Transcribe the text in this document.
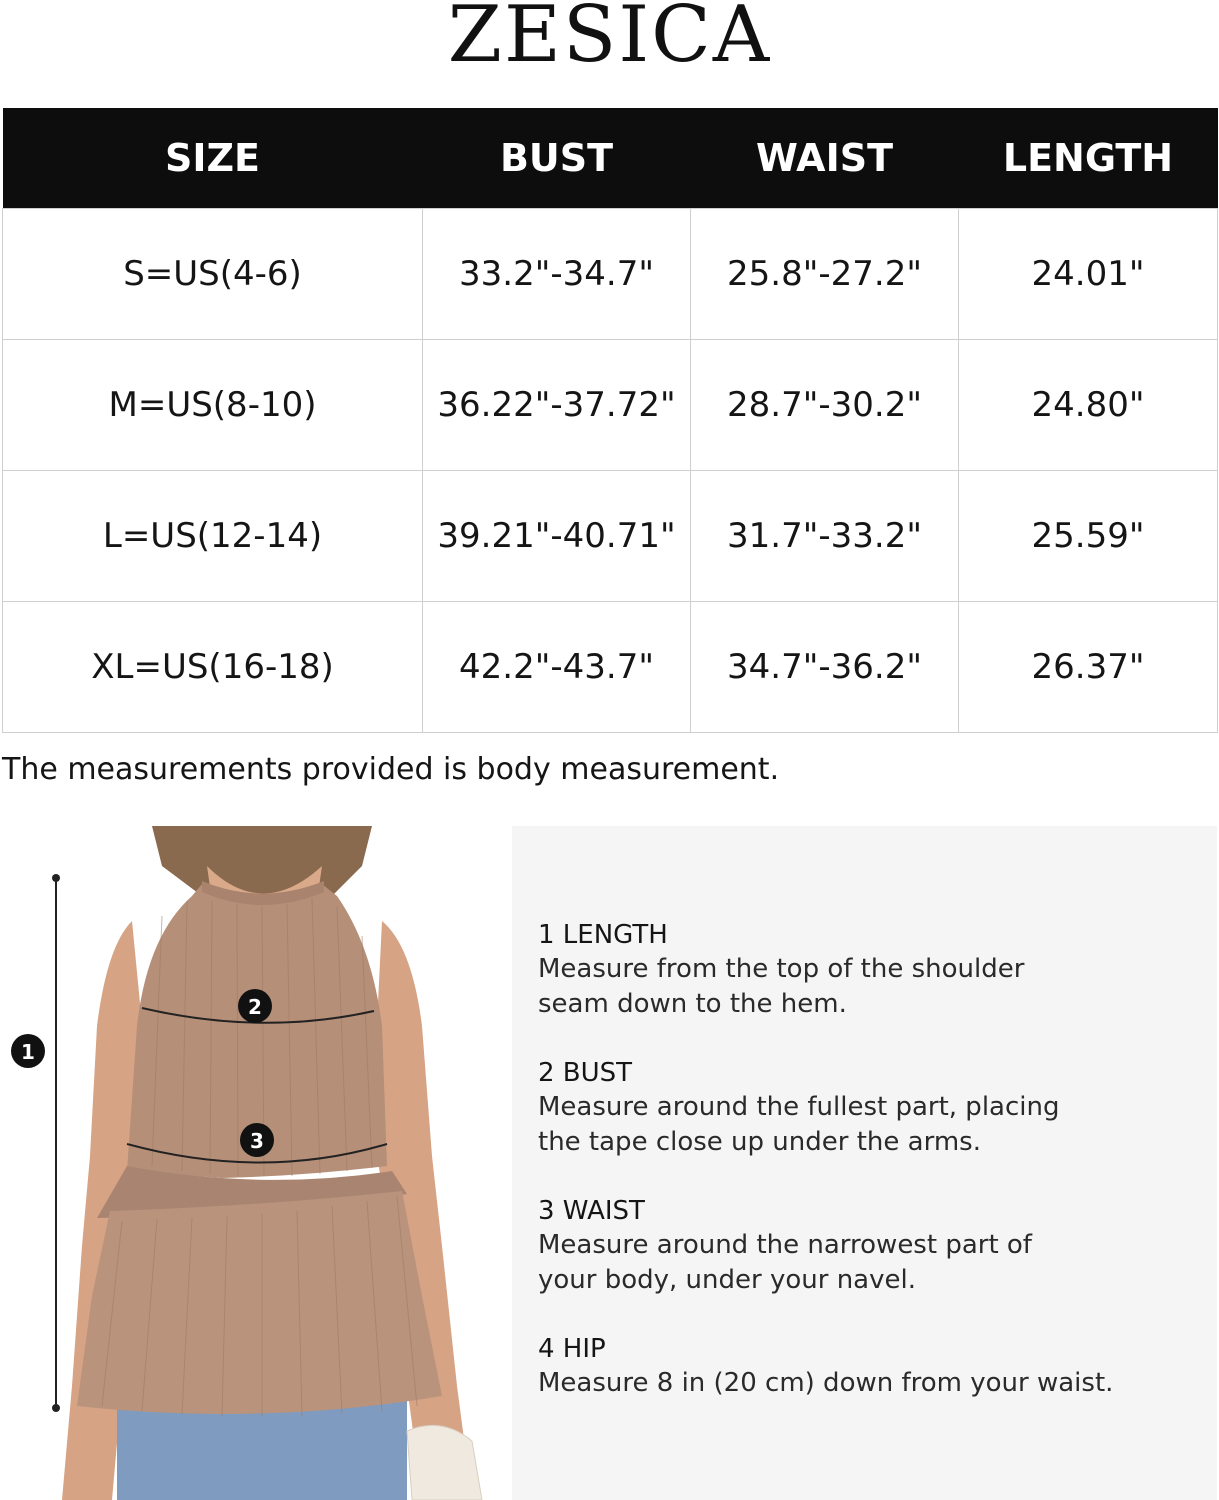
ZESICA
SIZE	BUST	WAIST	LENGTH
S=US(4-6)	33.2"-34.7"	25.8"-27.2"	24.01"
M=US(8-10)	36.22"-37.72"	28.7"-30.2"	24.80"
L=US(12-14)	39.21"-40.71"	31.7"-33.2"	25.59"
XL=US(16-18)	42.2"-43.7"	34.7"-36.2"	26.37"
The measurements provided is body measurement.
1
2
3
1 LENGTH
Measure from the top of the shoulder
seam down to the hem.
2 BUST
Measure around the fullest part, placing
the tape close up under the arms.
3 WAIST
Measure around the narrowest part of
your body, under your navel.
4 HIP
Measure 8 in (20 cm) down from your waist.
